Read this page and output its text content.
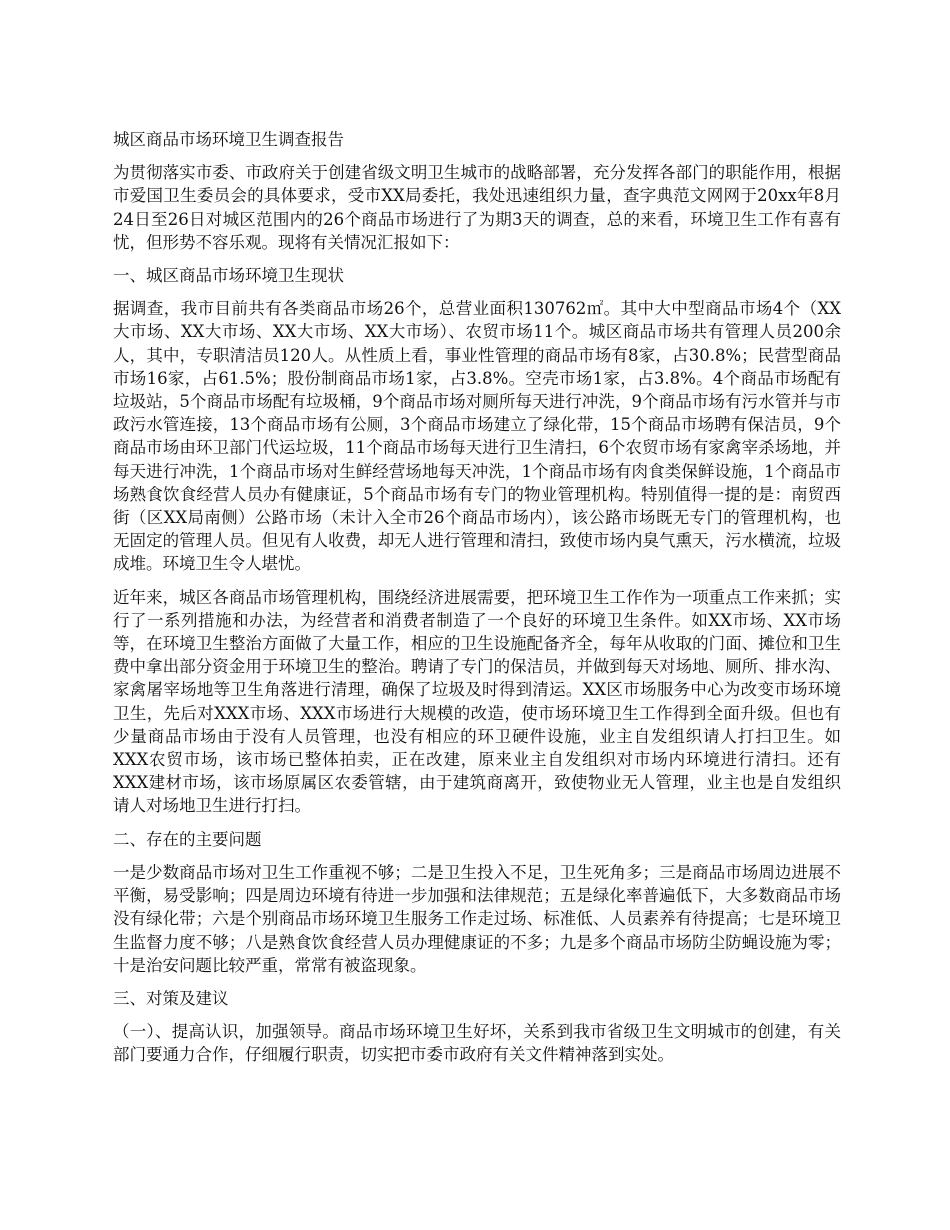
城区商品市场环境卫生调查报告
为贯彻落实市委、市政府关于创建省级文明卫生城市的战略部署，充分发挥各部门的职能作用，根据市爱国卫生委员会的具体要求，受市XX局委托，我处迅速组织力量，查字典范文网网于20xx年8月24日至26日对城区范围内的26个商品市场进行了为期3天的调查，总的来看，环境卫生工作有喜有忧，但形势不容乐观。现将有关情况汇报如下：
一、城区商品市场环境卫生现状
据调查，我市目前共有各类商品市场26个，总营业面积130762㎡。其中大中型商品市场4个（XX大市场、XX大市场、XX大市场、XX大市场）、农贸市场11个。城区商品市场共有管理人员200余人，其中，专职清洁员120人。从性质上看，事业性管理的商品市场有8家，占30.8%；民营型商品市场16家，占61.5%；股份制商品市场1家，占3.8%。空壳市场1家，占3.8%。4个商品市场配有垃圾站，5个商品市场配有垃圾桶，9个商品市场对厕所每天进行冲洗，9个商品市场有污水管并与市政污水管连接，13个商品市场有公厕，3个商品市场建立了绿化带，15个商品市场聘有保洁员，9个商品市场由环卫部门代运垃圾，11个商品市场每天进行卫生清扫，6个农贸市场有家禽宰杀场地，并每天进行冲洗，1个商品市场对生鲜经营场地每天冲洗，1个商品市场有肉食类保鲜设施，1个商品市场熟食饮食经营人员办有健康证，5个商品市场有专门的物业管理机构。特别值得一提的是：南贸西街（区XX局南侧）公路市场（未计入全市26个商品市场内），该公路市场既无专门的管理机构，也无固定的管理人员。但见有人收费，却无人进行管理和清扫，致使市场内臭气熏天，污水横流，垃圾成堆。环境卫生令人堪忧。
近年来，城区各商品市场管理机构，围绕经济进展需要，把环境卫生工作作为一项重点工作来抓；实行了一系列措施和办法，为经营者和消费者制造了一个良好的环境卫生条件。如XX市场、XX市场等，在环境卫生整治方面做了大量工作，相应的卫生设施配备齐全，每年从收取的门面、摊位和卫生费中拿出部分资金用于环境卫生的整治。聘请了专门的保洁员，并做到每天对场地、厕所、排水沟、家禽屠宰场地等卫生角落进行清理，确保了垃圾及时得到清运。XX区市场服务中心为改变市场环境卫生，先后对XXX市场、XXX市场进行大规模的改造，使市场环境卫生工作得到全面升级。但也有少量商品市场由于没有人员管理，也没有相应的环卫硬件设施，业主自发组织请人打扫卫生。如XXX农贸市场，该市场已整体拍卖，正在改建，原来业主自发组织对市场内环境进行清扫。还有XXX建材市场，该市场原属区农委管辖，由于建筑商离开，致使物业无人管理，业主也是自发组织请人对场地卫生进行打扫。
二、存在的主要问题
一是少数商品市场对卫生工作重视不够；二是卫生投入不足，卫生死角多；三是商品市场周边进展不平衡，易受影响；四是周边环境有待进一步加强和法律规范；五是绿化率普遍低下，大多数商品市场没有绿化带；六是个别商品市场环境卫生服务工作走过场、标准低、人员素养有待提高；七是环境卫生监督力度不够；八是熟食饮食经营人员办理健康证的不多；九是多个商品市场防尘防蝇设施为零；十是治安问题比较严重，常常有被盗现象。
三、对策及建议
（一）、提高认识，加强领导。商品市场环境卫生好坏，关系到我市省级卫生文明城市的创建，有关部门要通力合作，仔细履行职责，切实把市委市政府有关文件精神落到实处。
